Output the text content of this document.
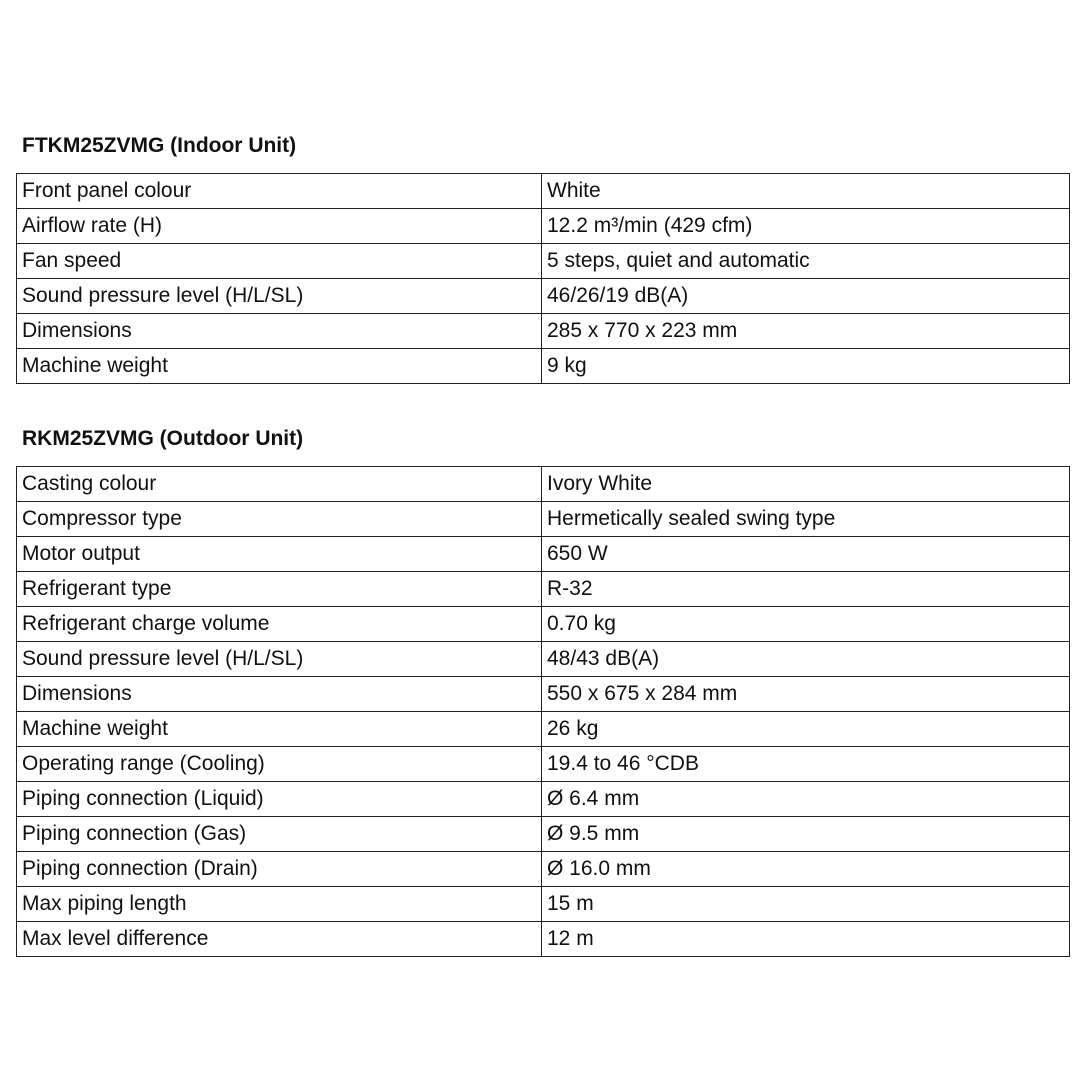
FTKM25ZVMG (Indoor Unit)
Front panel colour	White
Airflow rate (H)	12.2 m³/min (429 cfm)
Fan speed	5 steps, quiet and automatic
Sound pressure level (H/L/SL)	46/26/19 dB(A)
Dimensions	285 x 770 x 223 mm
Machine weight	9 kg
RKM25ZVMG (Outdoor Unit)
Casting colour	Ivory White
Compressor type	Hermetically sealed swing type
Motor output	650 W
Refrigerant type	R-32
Refrigerant charge volume	0.70 kg
Sound pressure level (H/L/SL)	48/43 dB(A)
Dimensions	550 x 675 x 284 mm
Machine weight	26 kg
Operating range (Cooling)	19.4 to 46 °CDB
Piping connection (Liquid)	Ø 6.4 mm
Piping connection (Gas)	Ø 9.5 mm
Piping connection (Drain)	Ø 16.0 mm
Max piping length	15 m
Max level difference	12 m
